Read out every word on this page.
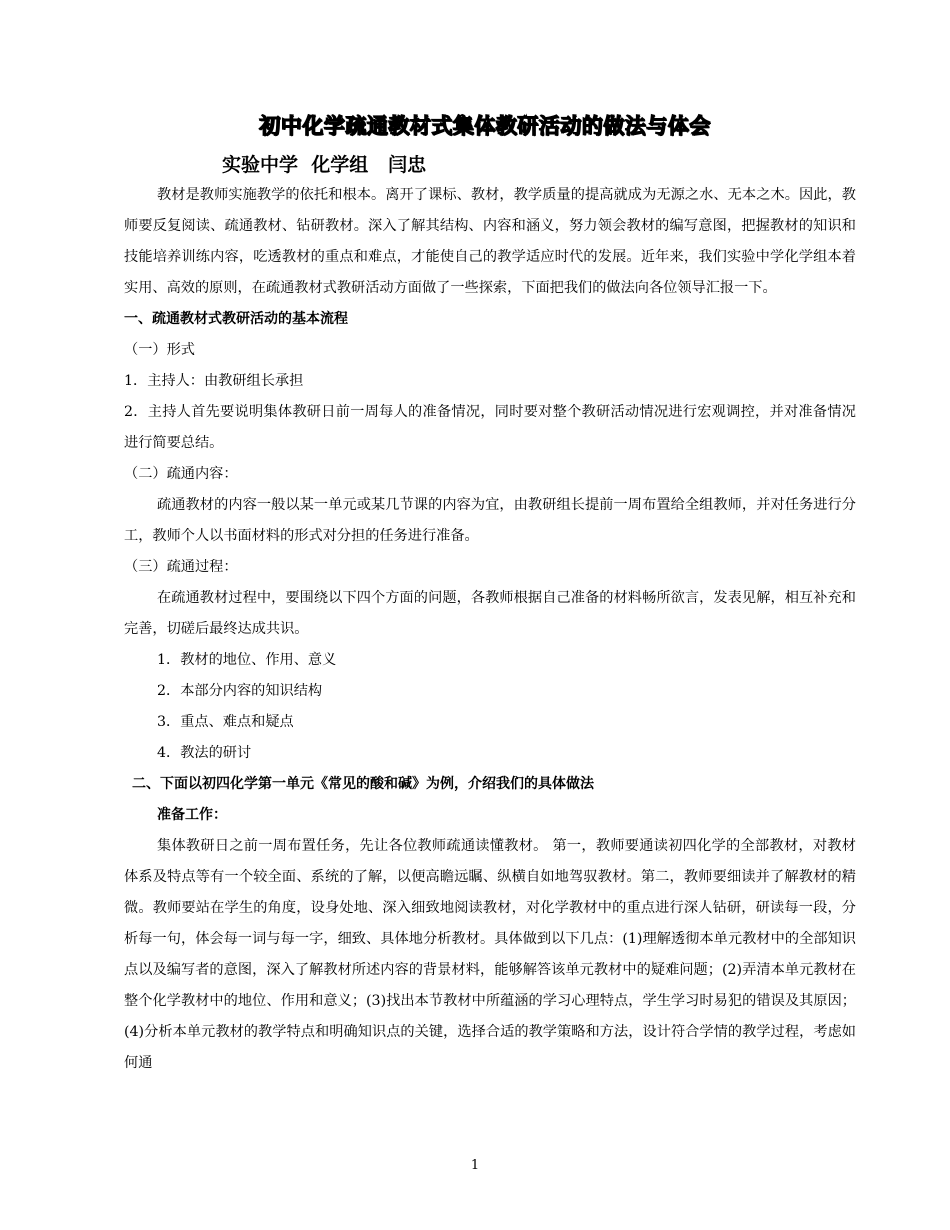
初中化学疏通教材式集体教研活动的做法与体会
实验中学  化学组   闫忠

教材是教师实施教学的依托和根本。离开了课标、教材，教学质量的提高就成为无源之水、无本之木。因此，教师要反复阅读、疏通教材、钻研教材。深入了解其结构、内容和涵义，努力领会教材的编写意图，把握教材的知识和技能培养训练内容，吃透教材的重点和难点，才能使自己的教学适应时代的发展。近年来，我们实验中学化学组本着实用、高效的原则，在疏通教材式教研活动方面做了一些探索，下面把我们的做法向各位领导汇报一下。

一、疏通教材式教研活动的基本流程

（一）形式

1．主持人：由教研组长承担

2．主持人首先要说明集体教研日前一周每人的准备情况，同时要对整个教研活动情况进行宏观调控，并对准备情况进行简要总结。

（二）疏通内容：

疏通教材的内容一般以某一单元或某几节课的内容为宜，由教研组长提前一周布置给全组教师，并对任务进行分工，教师个人以书面材料的形式对分担的任务进行准备。

（三）疏通过程：

在疏通教材过程中，要围绕以下四个方面的问题，各教师根据自己准备的材料畅所欲言，发表见解，相互补充和完善，切磋后最终达成共识。

1．教材的地位、作用、意义

2．本部分内容的知识结构

3．重点、难点和疑点

4．教法的研讨

二、下面以初四化学第一单元《常见的酸和碱》为例，介绍我们的具体做法

准备工作：

集体教研日之前一周布置任务，先让各位教师疏通读懂教材。 第一，教师要通读初四化学的全部教材，对教材体系及特点等有一个较全面、系统的了解，以便高瞻远瞩、纵横自如地驾驭教材。第二，教师要细读并了解教材的精微。教师要站在学生的角度，设身处地、深入细致地阅读教材，对化学教材中的重点进行深人钻研，研读每一段，分析每一句，体会每一词与每一字，细致、具体地分析教材。具体做到以下几点：(1)理解透彻本单元教材中的全部知识点以及编写者的意图，深入了解教材所述内容的背景材料，能够解答该单元教材中的疑难问题；(2)弄清本单元教材在整个化学教材中的地位、作用和意义；(3)找出本节教材中所蕴涵的学习心理特点，学生学习时易犯的错误及其原因；(4)分析本单元教材的教学特点和明确知识点的关键，选择合适的教学策略和方法，设计符合学情的教学过程，考虑如何通

1
